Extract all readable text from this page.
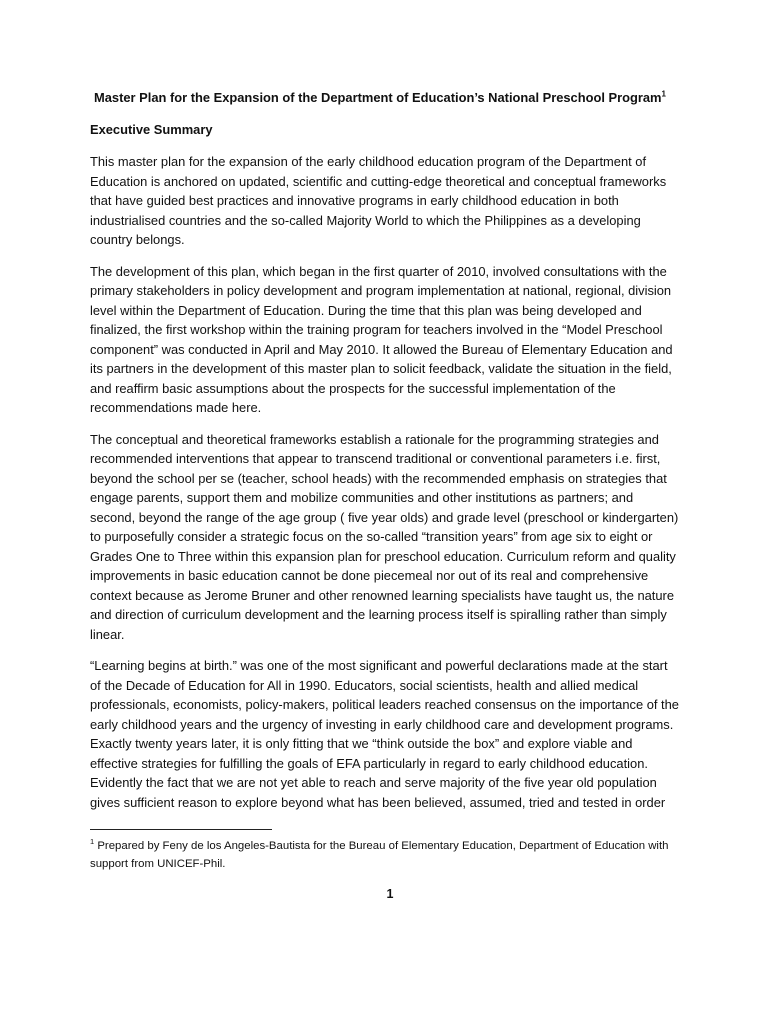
Master Plan for the Expansion of the Department of Education’s National Preschool Program$^1$
Executive Summary

This master plan for the expansion of the early childhood education program of the Department of Education is anchored on updated, scientific and cutting-edge theoretical and conceptual frameworks that have guided best practices and innovative programs in early childhood education in both industrialised countries and the so-called Majority World to which the Philippines as a developing country belongs.

The development of this plan, which began in the first quarter of 2010, involved consultations with the primary stakeholders in policy development and program implementation at national, regional, division level within the Department of Education. During the time that this plan was being developed and finalized, the first workshop within the training program for teachers involved in the “Model Preschool component” was conducted in April and May 2010. It allowed the Bureau of Elementary Education and its partners in the development of this master plan to solicit feedback, validate the situation in the field, and reaffirm basic assumptions about the prospects for the successful implementation of the recommendations made here.

The conceptual and theoretical frameworks establish a rationale for the programming strategies and recommended interventions that appear to transcend traditional or conventional parameters i.e. first, beyond the school per se (teacher, school heads) with the recommended emphasis on strategies that engage parents, support them and mobilize communities and other institutions as partners; and second, beyond the range of the age group ( five year olds) and grade level (preschool or kindergarten) to purposefully consider a strategic focus on the so-called “transition years” from age six to eight or Grades One to Three within this expansion plan for preschool education. Curriculum reform and quality improvements in basic education cannot be done piecemeal nor out of its real and comprehensive context because as Jerome Bruner and other renowned learning specialists have taught us, the nature and direction of curriculum development and the learning process itself is spiralling rather than simply linear.

“Learning begins at birth.” was one of the most significant and powerful declarations made at the start of the Decade of Education for All in 1990. Educators, social scientists, health and allied medical professionals, economists, policy-makers, political leaders reached consensus on the importance of the early childhood years and the urgency of investing in early childhood care and development programs. Exactly twenty years later, it is only fitting that we “think outside the box” and explore viable and effective strategies for fulfilling the goals of EFA particularly in regard to early childhood education. Evidently the fact that we are not yet able to reach and serve majority of the five year old population gives sufficient reason to explore beyond what has been believed, assumed, tried and tested in order

$^1$ Prepared by Feny de los Angeles-Bautista for the Bureau of Elementary Education, Department of Education with support from UNICEF-Phil.
1
